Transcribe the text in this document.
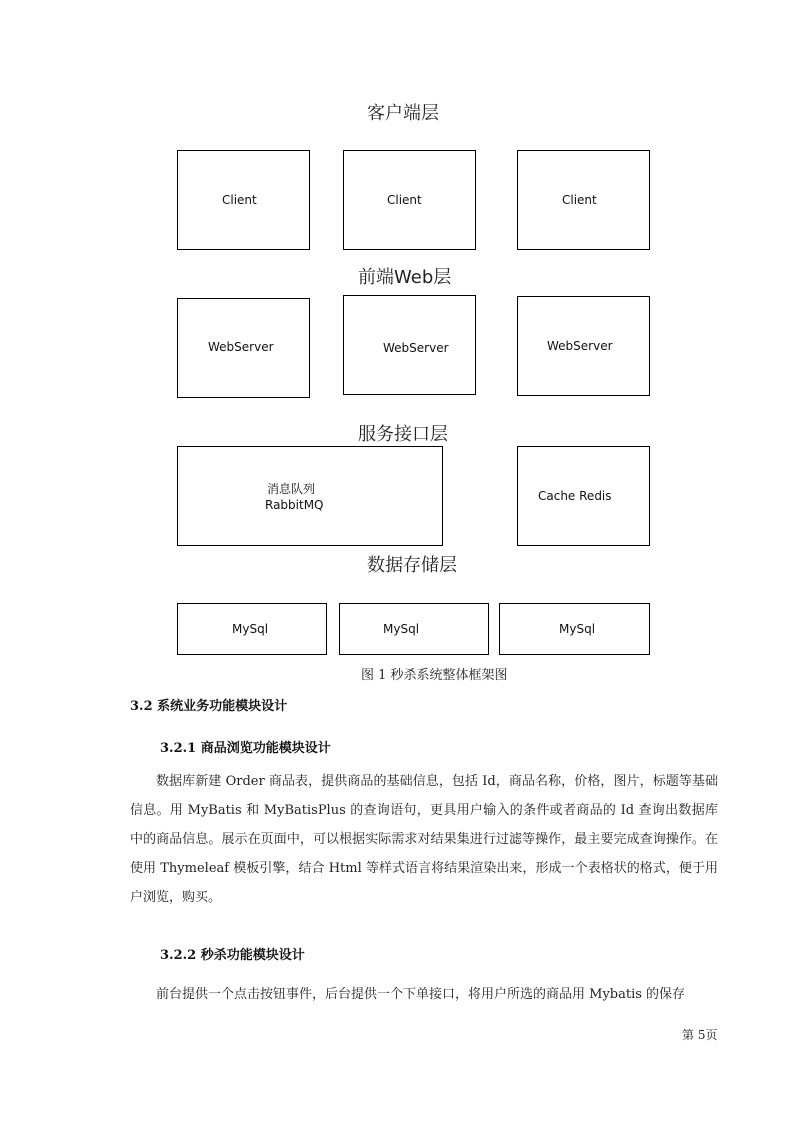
客户端层
Client	Client	Client
前端Web层
WebServer	WebServer	WebServer
服务接口层
消息队列
RabbitMQ
Cache Redis
数据存储层
MySql	MySql	MySql
图 1 秒杀系统整体框架图
3.2 系统业务功能模块设计
3.2.1 商品浏览功能模块设计

数据库新建 Order 商品表，提供商品的基础信息，包括 Id，商品名称，价格，图片，标题等基础信息。用 MyBatis 和 MyBatisPlus 的查询语句，更具用户输入的条件或者商品的 Id 查询出数据库中的商品信息。展示在页面中，可以根据实际需求对结果集进行过滤等操作，最主要完成查询操作。在使用 Thymeleaf 模板引擎，结合 Html 等样式语言将结果渲染出来，形成一个表格状的格式，便于用户浏览，购买。

3.2.2 秒杀功能模块设计

前台提供一个点击按钮事件，后台提供一个下单接口，将用户所选的商品用 Mybatis 的保存

第 5页
